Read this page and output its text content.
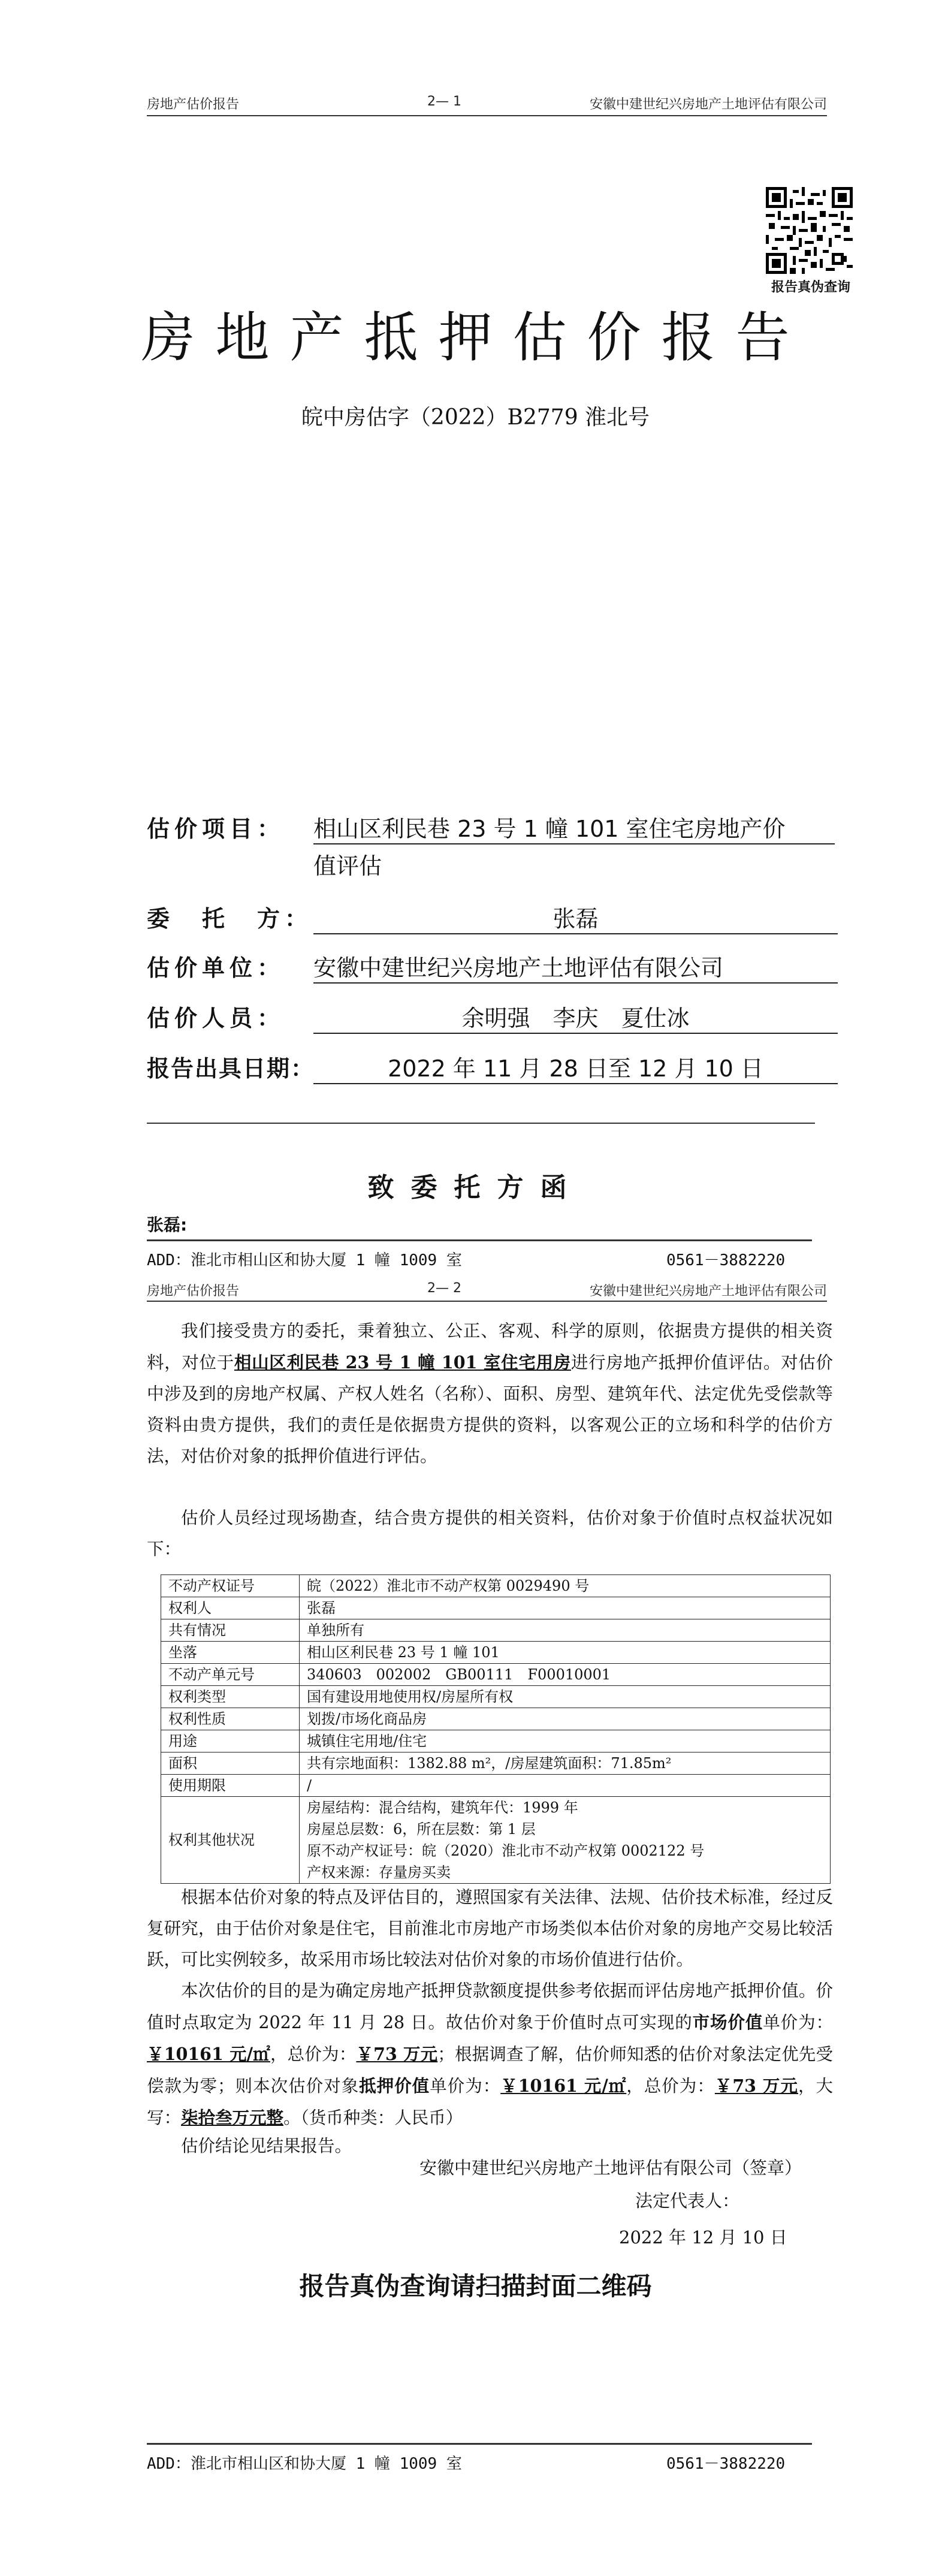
房地产估价报告	2— 1	安徽中建世纪兴房地产土地评估有限公司
报告真伪查询
房地产抵押估价报告
皖中房估字（2022）B2779 淮北号
估价项目： 相山区利民巷 23 号 1 幢 101 室住宅房地产价
值评估
委　托　方：	张磊
估价单位： 安徽中建世纪兴房地产土地评估有限公司
估价人员：	余明强　李庆　夏仕冰
报告出具日期：	2022 年 11 月 28 日至 12 月 10 日
致委托方函
张磊:
ADD：淮北市相山区和协大厦 1 幢 1009 室	0561－3882220
房地产估价报告	2— 2	安徽中建世纪兴房地产土地评估有限公司

我们接受贵方的委托，秉着独立、公正、客观、科学的原则，依据贵方提供的相关资料，对位于相山区利民巷 23 号 1 幢 101 室住宅用房进行房地产抵押价值评估。对估价中涉及到的房地产权属、产权人姓名（名称）、面积、房型、建筑年代、法定优先受偿款等资料由贵方提供，我们的责任是依据贵方提供的资料，以客观公正的立场和科学的估价方法，对估价对象的抵押价值进行评估。

估价人员经过现场勘查，结合贵方提供的相关资料，估价对象于价值时点权益状况如下：

不动产权证号	皖（2022）淮北市不动产权第 0029490 号
权利人	张磊
共有情况	单独所有
坐落	相山区利民巷 23 号 1 幢 101
不动产单元号	340603　002002　GB00111　F00010001
权利类型	国有建设用地使用权/房屋所有权
权利性质	划拨/市场化商品房
用途	城镇住宅用地/住宅
面积	共有宗地面积：1382.88 m²，/房屋建筑面积：71.85m²
使用期限	/
权利其他状况	房屋结构：混合结构，建筑年代：1999 年
房屋总层数：6，所在层数：第 1 层
原不动产权证号：皖（2020）淮北市不动产权第 0002122 号
产权来源：存量房买卖

根据本估价对象的特点及评估目的，遵照国家有关法律、法规、估价技术标准，经过反复研究，由于估价对象是住宅，目前淮北市房地产市场类似本估价对象的房地产交易比较活跃，可比实例较多，故采用市场比较法对估价对象的市场价值进行估价。

本次估价的目的是为确定房地产抵押贷款额度提供参考依据而评估房地产抵押价值。价值时点取定为 2022 年 11 月 28 日。故估价对象于价值时点可实现的市场价值单价为：￥10161 元/㎡，总价为：￥73 万元；根据调查了解，估价师知悉的估价对象法定优先受偿款为零；则本次估价对象抵押价值单价为：￥10161 元/㎡，总价为：￥73 万元，大写：柒拾叁万元整。（货币种类：人民币）

估价结论见结果报告。

安徽中建世纪兴房地产土地评估有限公司（签章）
法定代表人：
2022 年 12 月 10 日
报告真伪查询请扫描封面二维码
ADD：淮北市相山区和协大厦 1 幢 1009 室	0561－3882220
